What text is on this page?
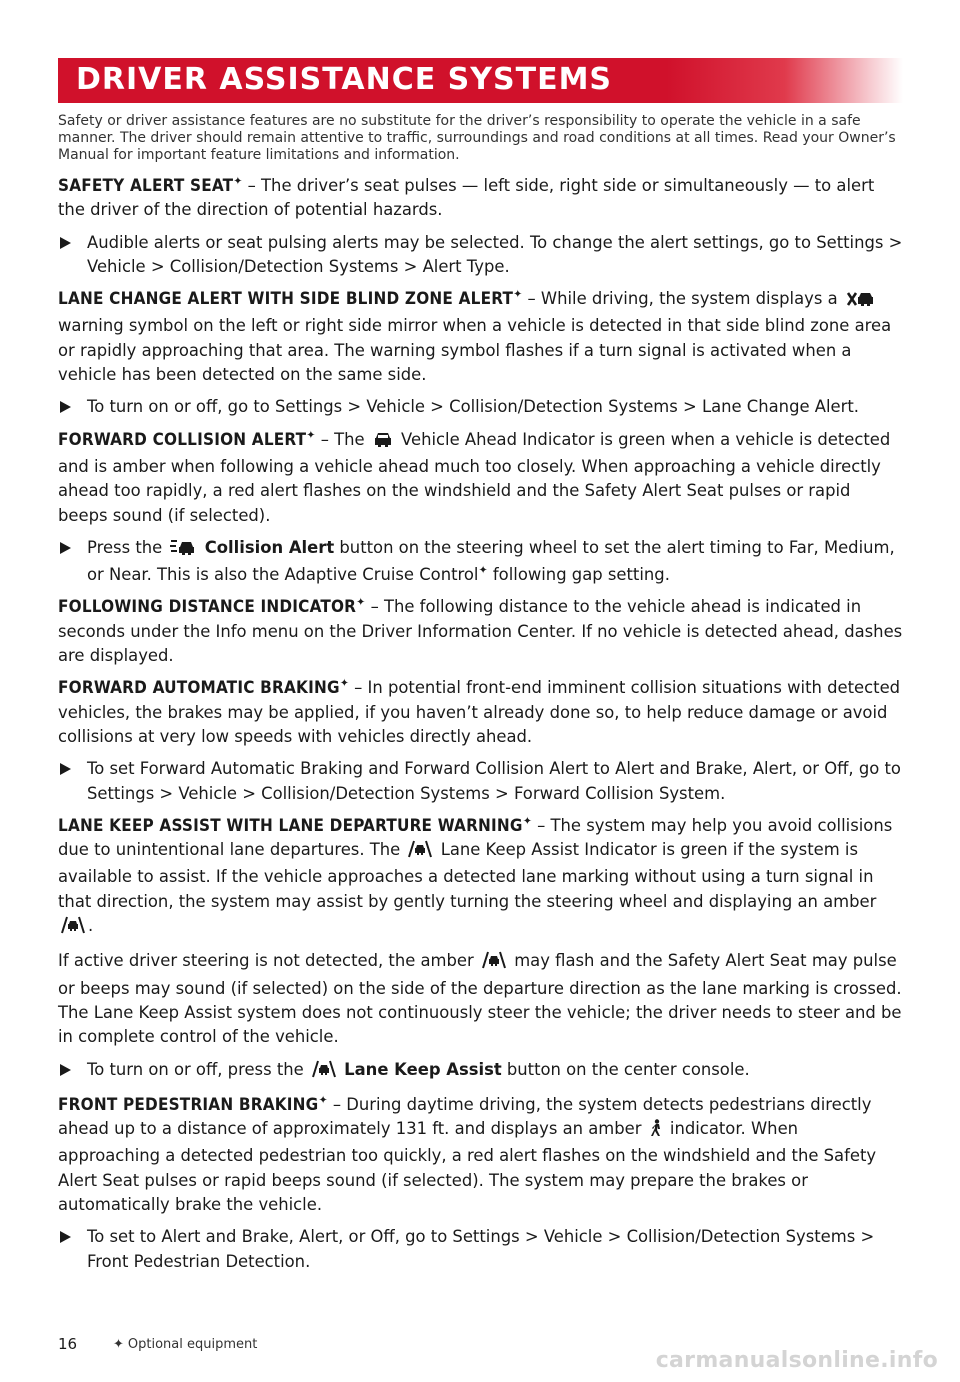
DRIVER ASSISTANCE SYSTEMS

Safety or driver assistance features are no substitute for the driver’s responsibility to operate the vehicle in a safe manner. The driver should remain attentive to traffic, surroundings and road conditions at all times. Read your Owner’s Manual for important feature limitations and information.

SAFETY ALERT SEAT✦ – The driver’s seat pulses — left side, right side or simultaneously — to alert the driver of the direction of potential hazards.

Audible alerts or seat pulsing alerts may be selected. To change the alert settings, go to Settings > Vehicle > Collision/Detection Systems > Alert Type.

LANE CHANGE ALERT WITH SIDE BLIND ZONE ALERT✦ – While driving, the system displays a  warning symbol on the left or right side mirror when a vehicle is detected in that side blind zone area or rapidly approaching that area. The warning symbol flashes if a turn signal is activated when a vehicle has been detected on the same side.

To turn on or off, go to Settings > Vehicle > Collision/Detection Systems > Lane Change Alert.

FORWARD COLLISION ALERT✦ – The Vehicle Ahead Indicator is green when a vehicle is detected and is amber when following a vehicle ahead much too closely. When approaching a vehicle directly ahead too rapidly, a red alert flashes on the windshield and the Safety Alert Seat pulses or rapid beeps sound (if selected).

Press the	Collision Alert button on the steering wheel to set the alert timing to Far, Medium, or Near. This is also the Adaptive Cruise Control✦ following gap setting.

FOLLOWING DISTANCE INDICATOR✦ – The following distance to the vehicle ahead is indicated in seconds under the Info menu on the Driver Information Center. If no vehicle is detected ahead, dashes are displayed.

FORWARD AUTOMATIC BRAKING✦ – In potential front-end imminent collision situations with detected vehicles, the brakes may be applied, if you haven’t already done so, to help reduce damage or avoid collisions at very low speeds with vehicles directly ahead.

To set Forward Automatic Braking and Forward Collision Alert to Alert and Brake, Alert, or Off, go to Settings > Vehicle > Collision/Detection Systems > Forward Collision System.

LANE KEEP ASSIST WITH LANE DEPARTURE WARNING✦ – The system may help you avoid collisions due to unintentional lane departures. The Lane Keep Assist Indicator is green if the system is available to assist. If the vehicle approaches a detected lane marking without using a turn signal in that direction, the system may assist by gently turning the steering wheel and displaying an amber .

If active driver steering is not detected, the amber may flash and the Safety Alert Seat may pulse or beeps may sound (if selected) on the side of the departure direction as the lane marking is crossed. The Lane Keep Assist system does not continuously steer the vehicle; the driver needs to steer and be in complete control of the vehicle.

To turn on or off, press the Lane Keep Assist button on the center console.

FRONT PEDESTRIAN BRAKING✦ – During daytime driving, the system detects pedestrians directly ahead up to a distance of approximately 131 ft. and displays an amber indicator. When approaching a detected pedestrian too quickly, a red alert flashes on the windshield and the Safety Alert Seat pulses or rapid beeps sound (if selected). The system may prepare the brakes or automatically brake the vehicle.

To set to Alert and Brake, Alert, or Off, go to Settings > Vehicle > Collision/Detection Systems > Front Pedestrian Detection.
16	✦ Optional equipment
carmanualsonline.info
